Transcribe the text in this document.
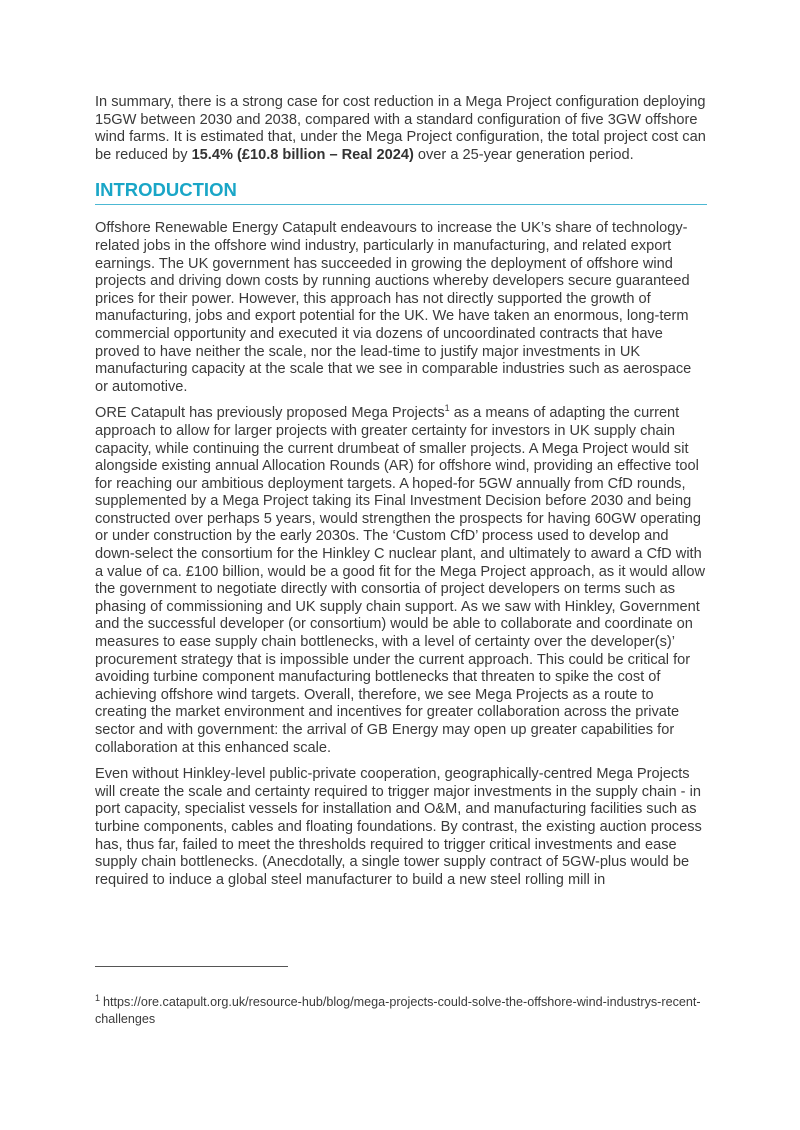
In summary, there is a strong case for cost reduction in a Mega Project configuration deploying 15GW between 2030 and 2038, compared with a standard configuration of five 3GW offshore wind farms. It is estimated that, under the Mega Project configuration, the total project cost can be reduced by 15.4% (£10.8 billion – Real 2024) over a 25-year generation period.

INTRODUCTION

Offshore Renewable Energy Catapult endeavours to increase the UK’s share of technology-related jobs in the offshore wind industry, particularly in manufacturing, and related export earnings. The UK government has succeeded in growing the deployment of offshore wind projects and driving down costs by running auctions whereby developers secure guaranteed prices for their power. However, this approach has not directly supported the growth of manufacturing, jobs and export potential for the UK. We have taken an enormous, long-term commercial opportunity and executed it via dozens of uncoordinated contracts that have proved to have neither the scale, nor the lead-time to justify major investments in UK manufacturing capacity at the scale that we see in comparable industries such as aerospace or automotive.

ORE Catapult has previously proposed Mega Projects$^1$ as a means of adapting the current approach to allow for larger projects with greater certainty for investors in UK supply chain capacity, while continuing the current drumbeat of smaller projects. A Mega Project would sit alongside existing annual Allocation Rounds (AR) for offshore wind, providing an effective tool for reaching our ambitious deployment targets. A hoped-for 5GW annually from CfD rounds, supplemented by a Mega Project taking its Final Investment Decision before 2030 and being constructed over perhaps 5 years, would strengthen the prospects for having 60GW operating or under construction by the early 2030s. The ‘Custom CfD’ process used to develop and down-select the consortium for the Hinkley C nuclear plant, and ultimately to award a CfD with a value of ca. £100 billion, would be a good fit for the Mega Project approach, as it would allow the government to negotiate directly with consortia of project developers on terms such as phasing of commissioning and UK supply chain support. As we saw with Hinkley, Government and the successful developer (or consortium) would be able to collaborate and coordinate on measures to ease supply chain bottlenecks, with a level of certainty over the developer(s)’ procurement strategy that is impossible under the current approach. This could be critical for avoiding turbine component manufacturing bottlenecks that threaten to spike the cost of achieving offshore wind targets. Overall, therefore, we see Mega Projects as a route to creating the market environment and incentives for greater collaboration across the private sector and with government: the arrival of GB Energy may open up greater capabilities for collaboration at this enhanced scale.

Even without Hinkley-level public-private cooperation, geographically-centred Mega Projects will create the scale and certainty required to trigger major investments in the supply chain - in port capacity, specialist vessels for installation and O&M, and manufacturing facilities such as turbine components, cables and floating foundations. By contrast, the existing auction process has, thus far, failed to meet the thresholds required to trigger critical investments and ease supply chain bottlenecks. (Anecdotally, a single tower supply contract of 5GW-plus would be required to induce a global steel manufacturer to build a new steel rolling mill in

$^1$ https://ore.catapult.org.uk/resource-hub/blog/mega-projects-could-solve-the-offshore-wind-industrys-recent-challenges
